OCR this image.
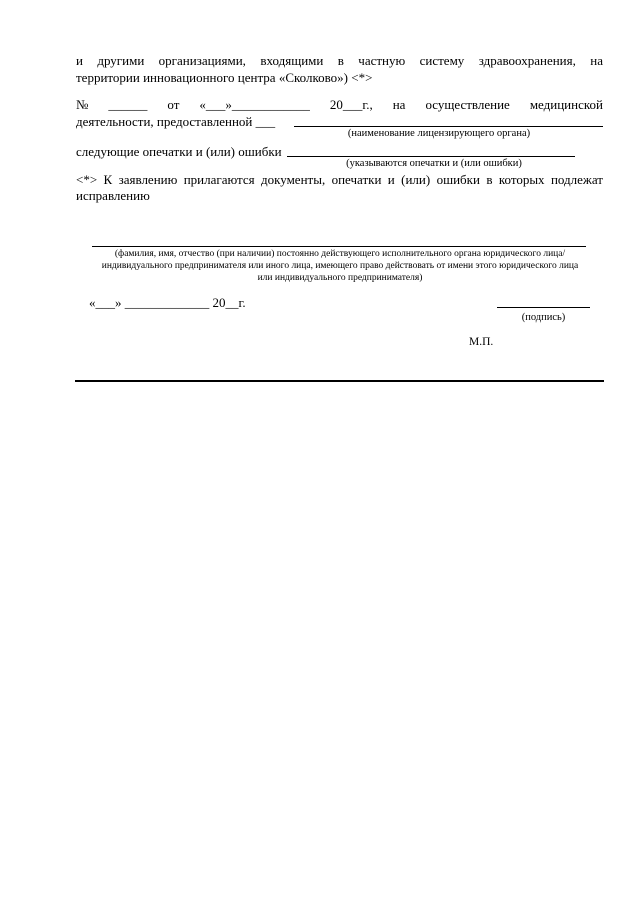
и другими организациями, входящими в частную систему здравоохранения, на
территории инновационного центра «Сколково») <*>
№ ______ от «___»____________ 20___г., на осуществление медицинской
деятельности, предоставленной ___
(наименование лицензирующего органа)
следующие опечатки и (или) ошибки
(указываются опечатки и (или ошибки)
<*> К заявлению прилагаются документы, опечатки и (или) ошибки в которых подлежат
исправлению
(фамилия, имя, отчество (при наличии) постоянно действующего исполнительного органа юридического лица/
индивидуального предпринимателя или иного лица, имеющего право действовать от имени этого юридического лица
или индивидуального предпринимателя)
«___» _____________ 20__г.
(подпись)
М.П.
